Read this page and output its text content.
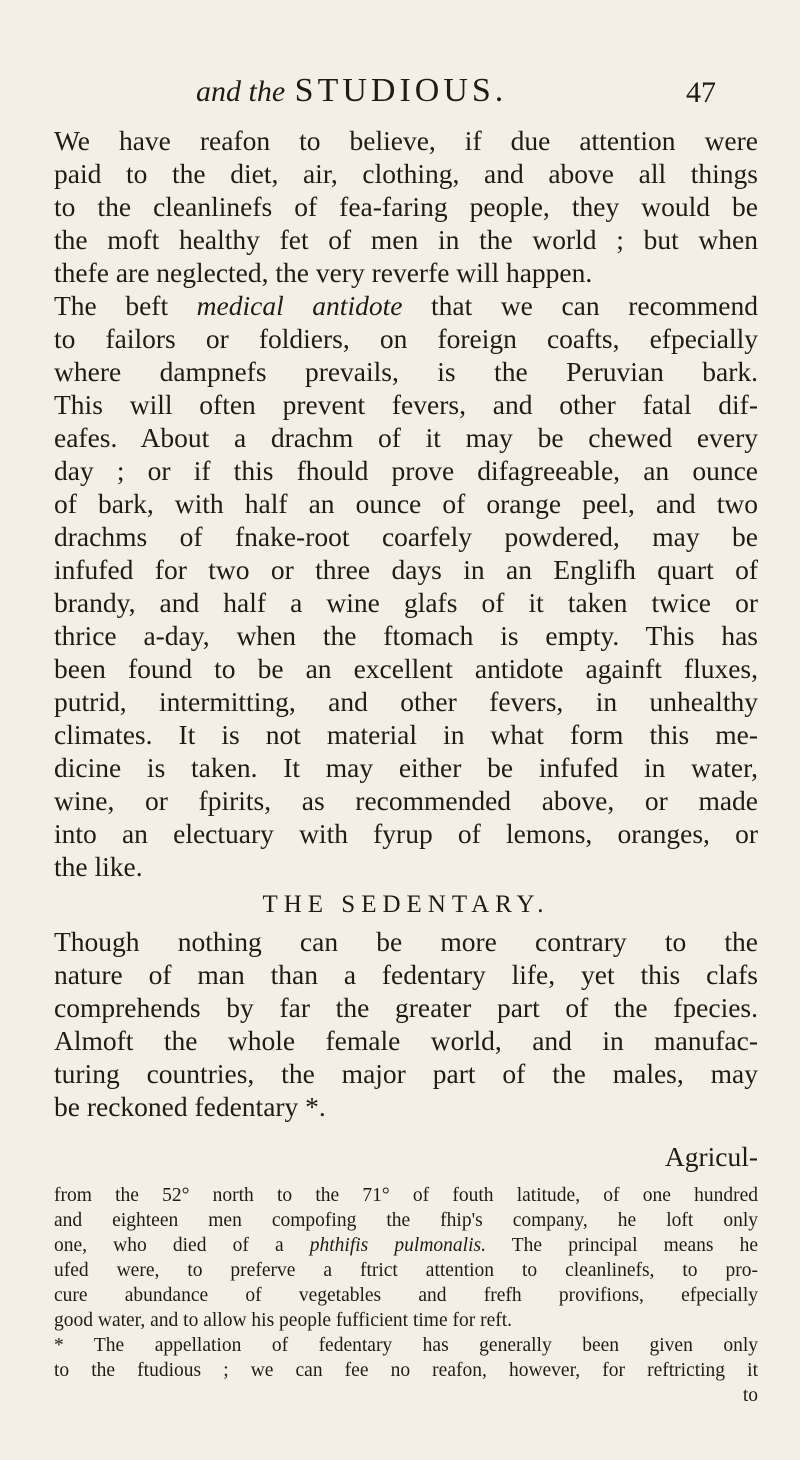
and the STUDIOUS.	47
We have reafon to believe, if due attention were
paid to the diet, air, clothing, and above all things
to the cleanlinefs of fea-faring people, they would be
the moft healthy fet of men in the world ; but when
thefe are neglected, the very reverfe will happen.
The beft medical antidote that we can recommend
to failors or foldiers, on foreign coafts, efpecially
where dampnefs prevails, is the Peruvian bark.
This will often prevent fevers, and other fatal dif-
eafes. About a drachm of it may be chewed every
day ; or if this fhould prove difagreeable, an ounce
of bark, with half an ounce of orange peel, and two
drachms of fnake-root coarfely powdered, may be
infufed for two or three days in an Englifh quart of
brandy, and half a wine glafs of it taken twice or
thrice a-day, when the ftomach is empty. This has
been found to be an excellent antidote againft fluxes,
putrid, intermitting, and other fevers, in unhealthy
climates. It is not material in what form this me-
dicine is taken. It may either be infufed in water,
wine, or fpirits, as recommended above, or made
into an electuary with fyrup of lemons, oranges, or
the like.
THE SEDENTARY.
Though nothing can be more contrary to the
nature of man than a fedentary life, yet this clafs
comprehends by far the greater part of the fpecies.
Almoft the whole female world, and in manufac-
turing countries, the major part of the males, may
be reckoned fedentary *.
Agricul-
from the 52° north to the 71° of fouth latitude, of one hundred
and eighteen men compofing the fhip's company, he loft only
one, who died of a phthifis pulmonalis. The principal means he
ufed were, to preferve a ftrict attention to cleanlinefs, to pro-
cure abundance of vegetables and frefh provifions, efpecially
good water, and to allow his people fufficient time for reft.
* The appellation of fedentary has generally been given only
to the ftudious ; we can fee no reafon, however, for reftricting it
to
